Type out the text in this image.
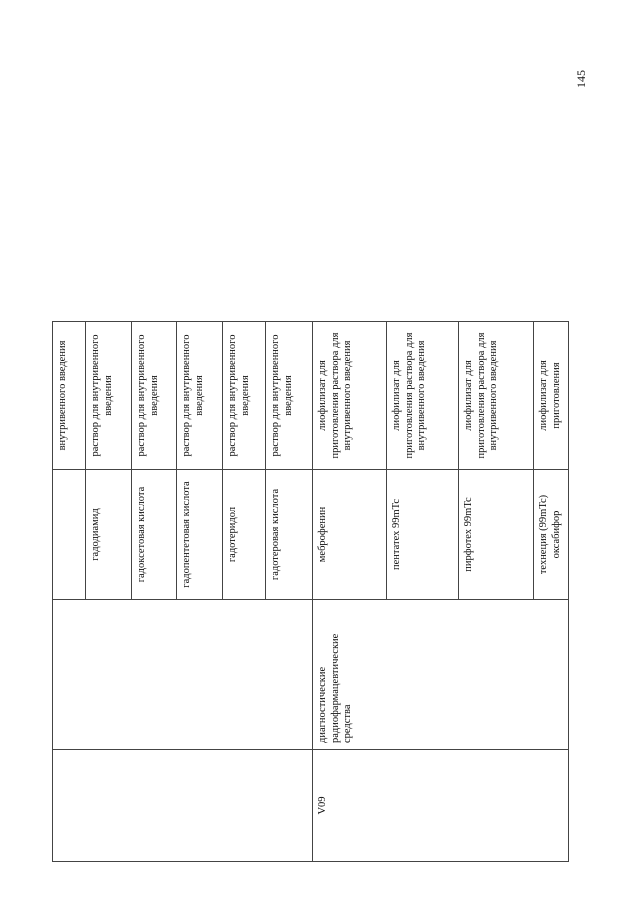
145
			внутривенного введения
		гадодиамид	раствор для внутривенного введения
		гадоксетовая кислота	раствор для внутривенного введения
		гадопентетовая кислота	раствор для внутривенного введения
		гадотеридол	раствор для внутривенного введения
		гадотеровая кислота	раствор для внутривенного введения
V09	диагностические радиофармацевтические средства	меброфенин	лиофилизат для приготовления раствора для внутривенного введения
		пентатех 99mTc	лиофилизат для приготовления раствора для внутривенного введения
		пирфотех 99mTc	лиофилизат для приготовления раствора для внутривенного введения
		технеция (99mTc) оксабифор	лиофилизат для приготовления
